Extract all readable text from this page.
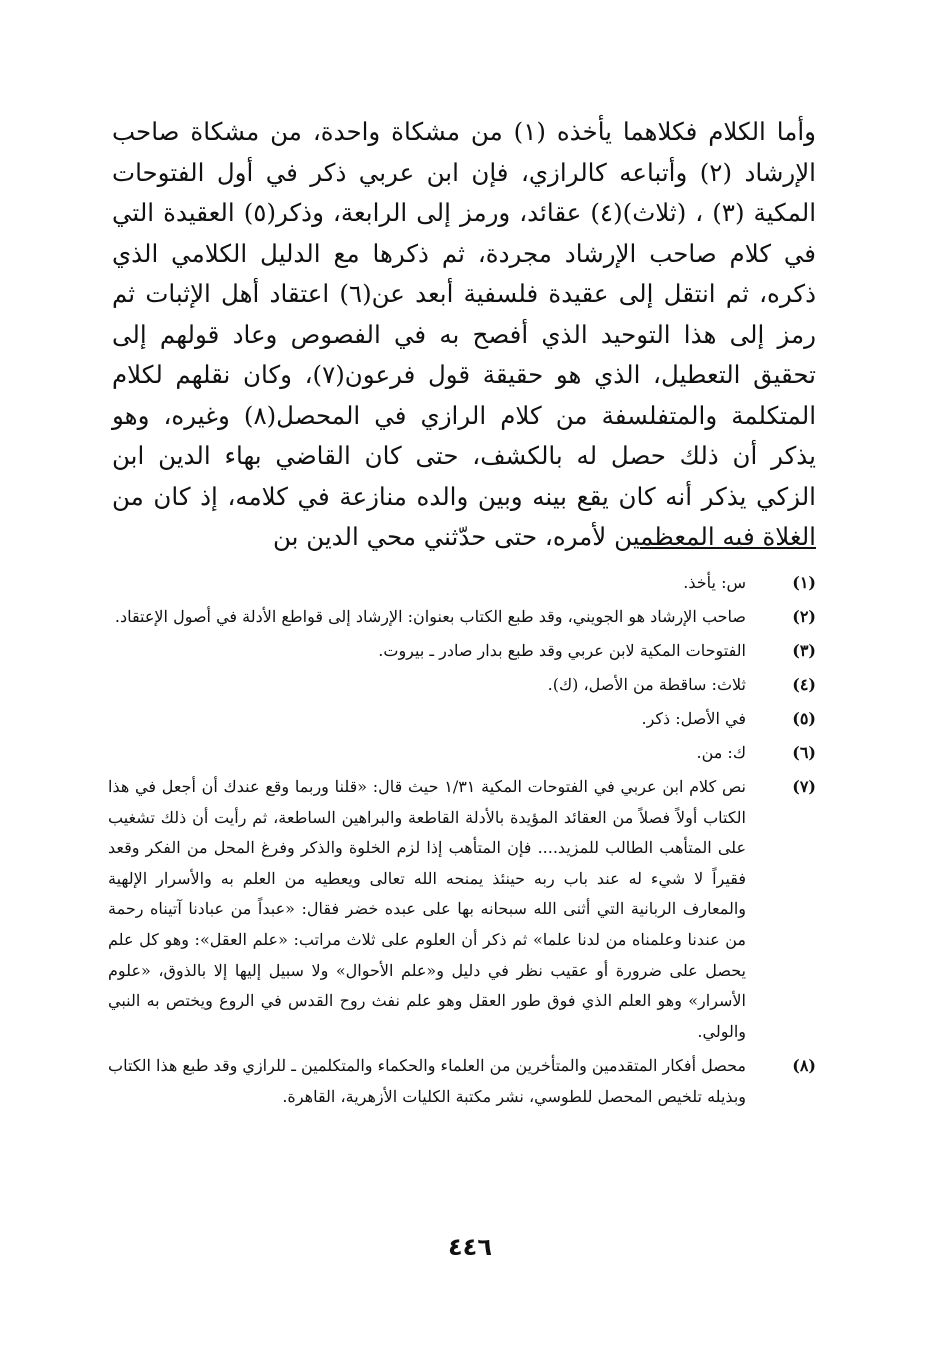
وأما الكلام فكلاهما يأخذه (١) من مشكاة واحدة، من مشكاة صاحب الإرشاد (٢) وأتباعه كالرازي، فإن ابن عربي ذكر في أول الفتوحات المكية (٣) ، (ثلاث)(٤) عقائد، ورمز إلى الرابعة، وذكر(٥) العقيدة التي في كلام صاحب الإرشاد مجردة، ثم ذكرها مع الدليل الكلامي الذي ذكره، ثم انتقل إلى عقيدة فلسفية أبعد عن(٦) اعتقاد أهل الإثبات ثم رمز إلى هذا التوحيد الذي أفصح به في الفصوص وعاد قولهم إلى تحقيق التعطيل، الذي هو حقيقة قول فرعون(٧)، وكان نقلهم لكلام المتكلمة والمتفلسفة من كلام الرازي في المحصل(٨) وغيره، وهو يذكر أن ذلك حصل له بالكشف، حتى كان القاضي بهاء الدين ابن الزكي يذكر أنه كان يقع بينه وبين والده منازعة في كلامه، إذ كان من الغلاة فيه المعظمين لأمره، حتى حدّثني محي الدين بن

(١)
س: يأخذ.
(٢)
صاحب الإرشاد هو الجويني، وقد طبع الكتاب بعنوان: الإرشاد إلى قواطع الأدلة في أصول الإعتقاد.
(٣)
الفتوحات المكية لابن عربي وقد طبع بدار صادر ـ بيروت.
(٤)
ثلاث: ساقطة من الأصل، (ك).
(٥)
في الأصل: ذكر.
(٦)
ك: من.
(٧)
نص كلام ابن عربي في الفتوحات المكية ١/٣١ حيث قال: «قلنا وربما وقع عندك أن أجعل في هذا الكتاب أولاً فصلاً من العقائد المؤيدة بالأدلة القاطعة والبراهين الساطعة، ثم رأيت أن ذلك تشغيب على المتأهب الطالب للمزيد.... فإن المتأهب إذا لزم الخلوة والذكر وفرغ المحل من الفكر وقعد فقيراً لا شيء له عند باب ربه حينئذ يمنحه الله تعالى ويعطيه من العلم به والأسرار الإلهية والمعارف الربانية التي أثنى الله سبحانه بها على عبده خضر فقال: «عبداً من عبادنا آتيناه رحمة من عندنا وعلمناه من لدنا علما» ثم ذكر أن العلوم على ثلاث مراتب: «علم العقل»: وهو كل علم يحصل على ضرورة أو عقيب نظر في دليل و«علم الأحوال» ولا سبيل إليها إلا بالذوق، «علوم الأسرار» وهو العلم الذي فوق طور العقل وهو علم نفث روح القدس في الروع ويختص به النبي والولي.
(٨)
محصل أفكار المتقدمين والمتأخرين من العلماء والحكماء والمتكلمين ـ للرازي وقد طبع هذا الكتاب وبذيله تلخيص المحصل للطوسي، نشر مكتبة الكليات الأزهرية، القاهرة.
٤٤٦
